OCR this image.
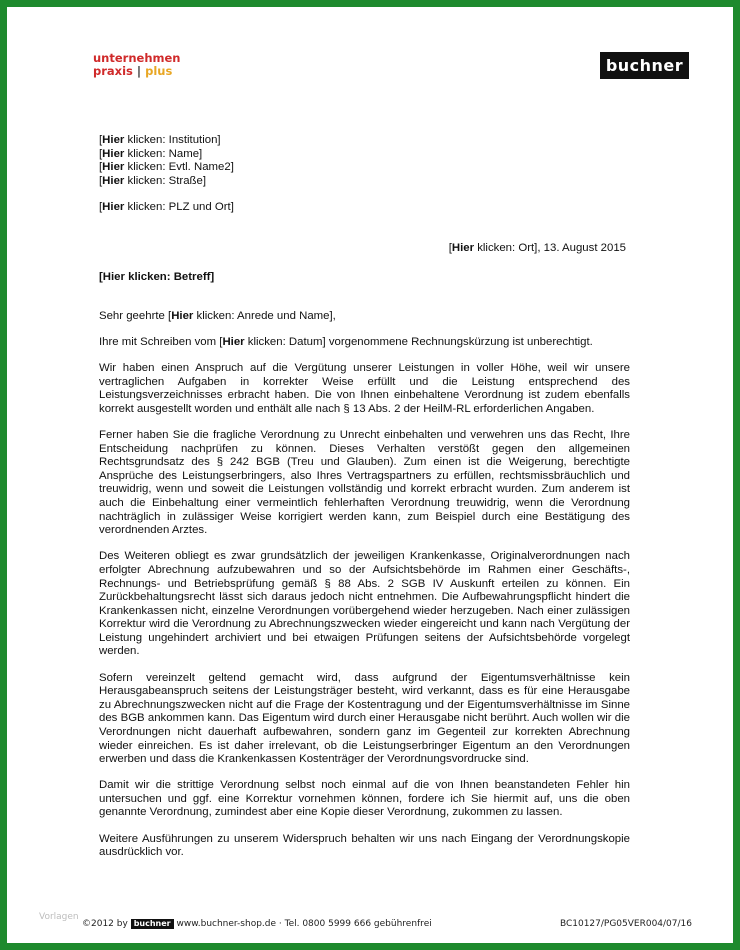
unternehmen
praxis | plus	buchner
[Hier klicken: Institution]
[Hier klicken: Name]
[Hier klicken: Evtl. Name2]
[Hier klicken: Straße]
[Hier klicken: PLZ und Ort]
[Hier klicken: Ort], 13. August 2015
[Hier klicken: Betreff]

Sehr geehrte [Hier klicken: Anrede und Name],

Ihre mit Schreiben vom [Hier klicken: Datum] vorgenommene Rechnungskürzung ist unberechtigt.

Wir haben einen Anspruch auf die Vergütung unserer Leistungen in voller Höhe, weil wir unsere vertraglichen Aufgaben in korrekter Weise erfüllt und die Leistung entsprechend des Leistungsverzeichnisses erbracht haben. Die von Ihnen einbehaltene Verordnung ist zudem ebenfalls korrekt ausgestellt worden und enthält alle nach § 13 Abs. 2 der HeilM-RL erforderlichen Angaben.

Ferner haben Sie die fragliche Verordnung zu Unrecht einbehalten und verwehren uns das Recht, Ihre Entscheidung nachprüfen zu können. Dieses Verhalten verstößt gegen den allgemeinen Rechtsgrundsatz des § 242 BGB (Treu und Glauben). Zum einen ist die Weigerung, berechtigte Ansprüche des Leistungserbringers, also Ihres Vertragspartners zu erfüllen, rechtsmissbräuchlich und treuwidrig, wenn und soweit die Leistungen vollständig und korrekt erbracht wurden. Zum anderem ist auch die Einbehaltung einer vermeintlich fehlerhaften Verordnung treuwidrig, wenn die Verordnung nachträglich in zulässiger Weise korrigiert werden kann, zum Beispiel durch eine Bestätigung des verordnenden Arztes.

Des Weiteren obliegt es zwar grundsätzlich der jeweiligen Krankenkasse, Originalverordnungen nach erfolgter Abrechnung aufzubewahren und so der Aufsichtsbehörde im Rahmen einer Geschäfts-, Rechnungs- und Betriebsprüfung gemäß § 88 Abs. 2 SGB IV Auskunft erteilen zu können. Ein Zurückbehaltungsrecht lässt sich daraus jedoch nicht entnehmen. Die Aufbewahrungspflicht hindert die Krankenkassen nicht, einzelne Verordnungen vorübergehend wieder herzugeben. Nach einer zulässigen Korrektur wird die Verordnung zu Abrechnungszwecken wieder eingereicht und kann nach Vergütung der Leistung ungehindert archiviert und bei etwaigen Prüfungen seitens der Aufsichtsbehörde vorgelegt werden.

Sofern vereinzelt geltend gemacht wird, dass aufgrund der Eigentumsverhältnisse kein Herausgabeanspruch seitens der Leistungsträger besteht, wird verkannt, dass es für eine Herausgabe zu Abrechnungszwecken nicht auf die Frage der Kostentragung und der Eigentumsverhältnisse im Sinne des BGB ankommen kann. Das Eigentum wird durch einer Herausgabe nicht berührt. Auch wollen wir die Verordnungen nicht dauerhaft aufbewahren, sondern ganz im Gegenteil zur korrekten Abrechnung wieder einreichen. Es ist daher irrelevant, ob die Leistungserbringer Eigentum an den Verordnungen erwerben und dass die Krankenkassen Kostenträger der Verordnungsvordrucke sind.

Damit wir die strittige Verordnung selbst noch einmal auf die von Ihnen beanstandeten Fehler hin untersuchen und ggf. eine Korrektur vornehmen können, fordere ich Sie hiermit auf, uns die oben genannte Verordnung, zumindest aber eine Kopie dieser Verordnung, zukommen zu lassen.

Weitere Ausführungen zu unserem Widerspruch behalten wir uns nach Eingang der Verordnungskopie ausdrücklich vor.

Vorlagen
©2012 by buchner www.buchner-shop.de · Tel. 0800 5999 666 gebührenfrei	BC10127/PG05VER004/07/16
